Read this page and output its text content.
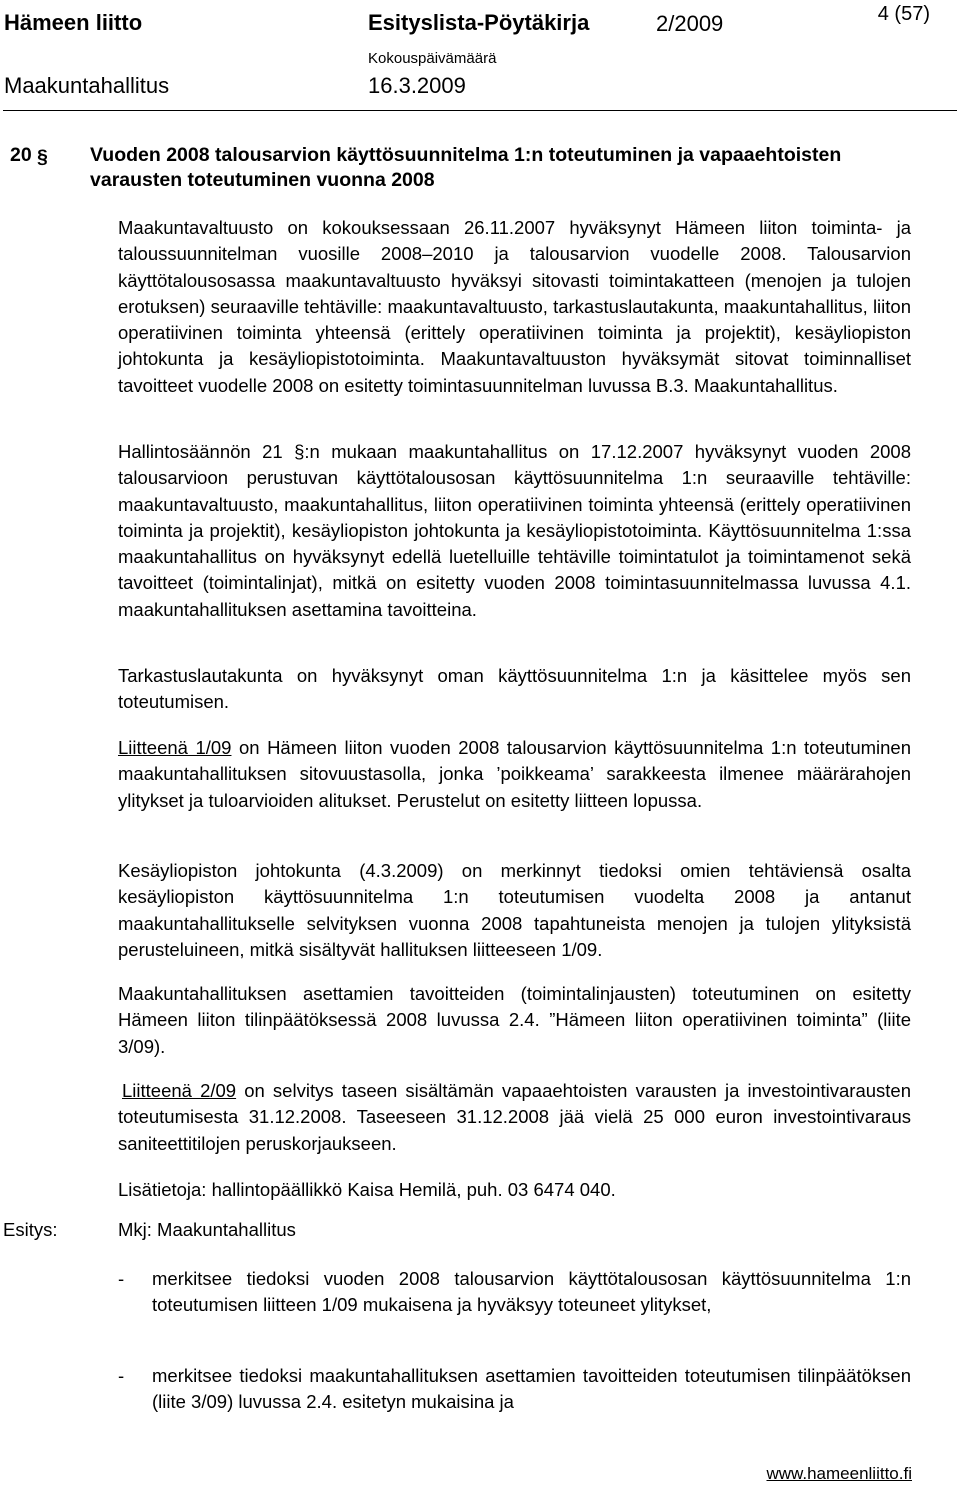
Hämeen liitto	Esityslista-Pöytäkirja	2/2009	4 (57)
Kokouspäivämäärä
Maakuntahallitus	16.3.2009
20 § Vuoden 2008 talousarvion käyttösuunnitelma 1:n toteutuminen ja vapaaehtoisten varausten toteutuminen vuonna 2008

Maakuntavaltuusto on kokouksessaan 26.11.2007 hyväksynyt Hämeen liiton toiminta- ja taloussuunnitelman vuosille 2008–2010 ja talousarvion vuodelle 2008. Talousarvion käyttötalousosassa maakuntavaltuusto hyväksyi sitovasti toimintakatteen (menojen ja tulojen erotuksen) seuraaville tehtäville: maakuntavaltuusto, tarkastuslautakunta, maakuntahallitus, liiton operatiivinen toiminta yhteensä (erittely operatiivinen toiminta ja projektit), kesäyliopiston johtokunta ja kesäyliopistotoiminta. Maakuntavaltuuston hyväksymät sitovat toiminnalliset tavoitteet vuodelle 2008 on esitetty toimintasuunnitelman luvussa B.3. Maakuntahallitus.

Hallintosäännön 21 §:n mukaan maakuntahallitus on 17.12.2007 hyväksynyt vuoden 2008 talousarvioon perustuvan käyttötalousosan käyttösuunnitelma 1:n seuraaville tehtäville: maakuntavaltuusto, maakuntahallitus, liiton operatiivinen toiminta yhteensä (erittely operatiivinen toiminta ja projektit), kesäyliopiston johtokunta ja kesäyliopistotoiminta. Käyttösuunnitelma 1:ssa maakuntahallitus on hyväksynyt edellä luetelluille tehtäville toimintatulot ja toimintamenot sekä tavoitteet (toimintalinjat), mitkä on esitetty vuoden 2008 toimintasuunnitelmassa luvussa 4.1. maakuntahallituksen asettamina tavoitteina.

Tarkastuslautakunta on hyväksynyt oman käyttösuunnitelma 1:n ja käsittelee myös sen toteutumisen.

Liitteenä 1/09 on Hämeen liiton vuoden 2008 talousarvion käyttösuunnitelma 1:n toteutuminen maakuntahallituksen sitovuustasolla, jonka ’poikkeama’ sarakkeesta ilmenee määrärahojen ylitykset ja tuloarvioiden alitukset. Perustelut on esitetty liitteen lopussa.

Kesäyliopiston johtokunta (4.3.2009) on merkinnyt tiedoksi omien tehtäviensä osalta kesäyliopiston käyttösuunnitelma 1:n toteutumisen vuodelta 2008 ja antanut maakuntahallitukselle selvityksen vuonna 2008 tapahtuneista menojen ja tulojen ylityksistä perusteluineen, mitkä sisältyvät hallituksen liitteeseen 1/09.

Maakuntahallituksen asettamien tavoitteiden (toimintalinjausten) toteutuminen on esitetty Hämeen liiton tilinpäätöksessä 2008 luvussa 2.4. ”Hämeen liiton operatiivinen toiminta” (liite 3/09).

Liitteenä 2/09 on selvitys taseen sisältämän vapaaehtoisten varausten ja investointivarausten toteutumisesta 31.12.2008. Taseeseen 31.12.2008 jää vielä 25 000 euron investointivaraus saniteettitilojen peruskorjaukseen.

Lisätietoja: hallintopäällikkö Kaisa Hemilä, puh. 03 6474 040.

Esitys:	Mkj: Maakuntahallitus
- merkitsee tiedoksi vuoden 2008 talousarvion käyttötalousosan käyttösuunnitelma 1:n toteutumisen liitteen 1/09 mukaisena ja hyväksyy toteuneet ylitykset,

- merkitsee tiedoksi maakuntahallituksen asettamien tavoitteiden toteutumisen tilinpäätöksen (liite 3/09) luvussa 2.4. esitetyn mukaisina ja

www.hameenliitto.fi
